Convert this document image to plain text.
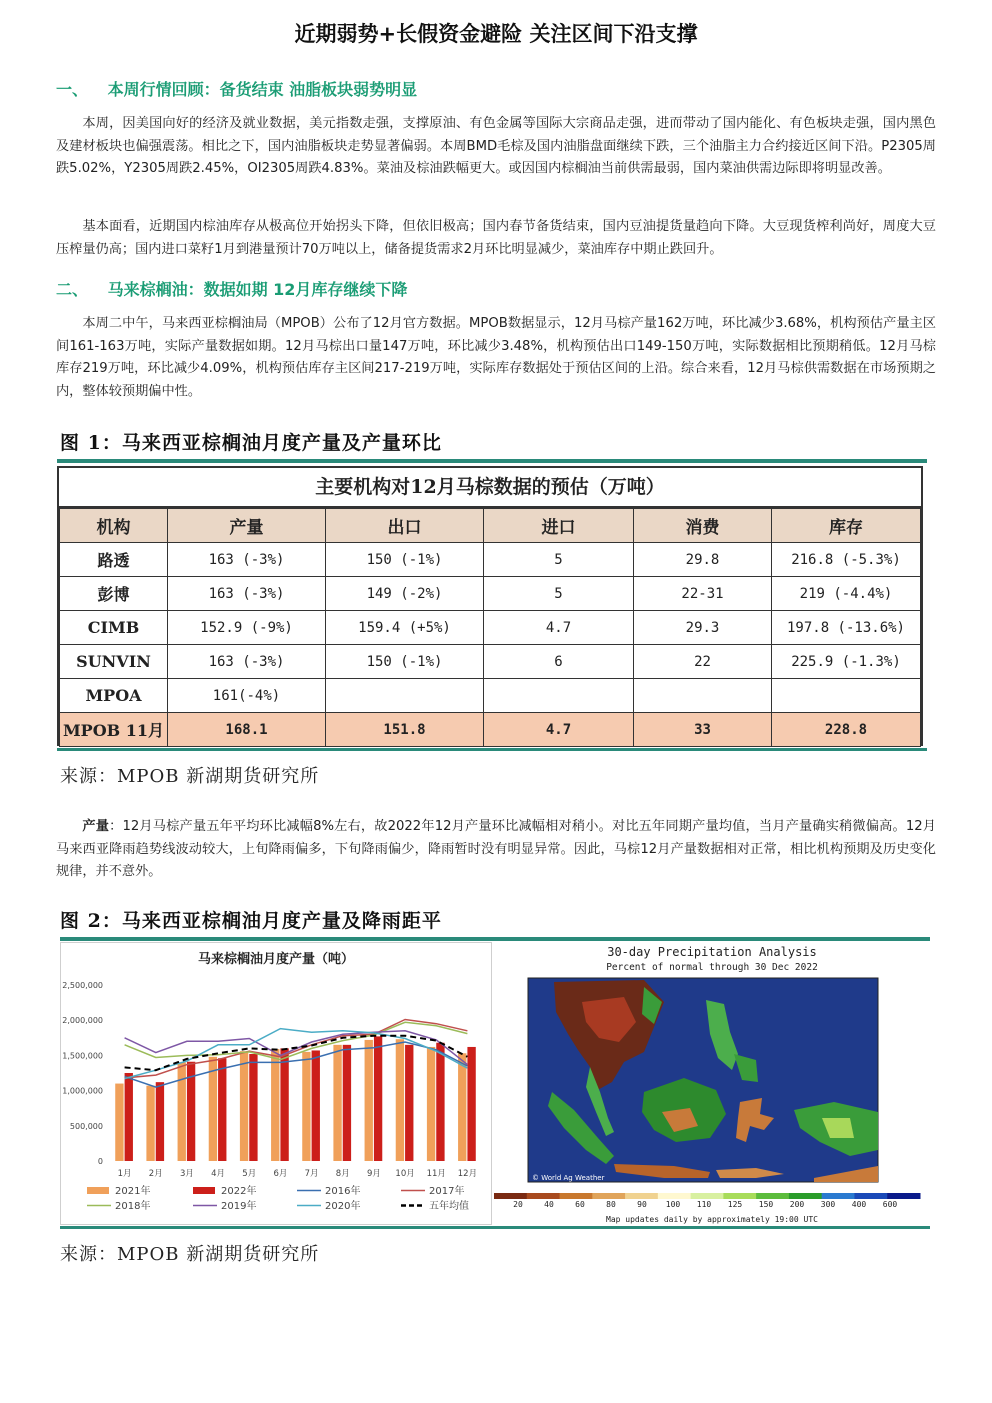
近期弱势+长假资金避险 关注区间下沿支撑
一、 本周行情回顾：备货结束 油脂板块弱势明显

本周，因美国向好的经济及就业数据，美元指数走强，支撑原油、有色金属等国际大宗商品走强，进而带动了国内能化、有色板块走强，国内黑色及建材板块也偏强震荡。相比之下，国内油脂板块走势显著偏弱。本周BMD毛棕及国内油脂盘面继续下跌，三个油脂主力合约接近区间下沿。P2305周跌5.02%，Y2305周跌2.45%，OI2305周跌4.83%。菜油及棕油跌幅更大。或因国内棕榈油当前供需最弱，国内菜油供需边际即将明显改善。

基本面看，近期国内棕油库存从极高位开始拐头下降，但依旧极高；国内春节备货结束，国内豆油提货量趋向下降。大豆现货榨利尚好，周度大豆压榨量仍高；国内进口菜籽1月到港量预计70万吨以上，储备提货需求2月环比明显减少，菜油库存中期止跌回升。

二、 马来棕榈油：数据如期 12月库存继续下降

本周二中午，马来西亚棕榈油局（MPOB）公布了12月官方数据。MPOB数据显示，12月马棕产量162万吨，环比减少3.68%，机构预估产量主区间161-163万吨，实际产量数据如期。12月马棕出口量147万吨，环比减少3.48%，机构预估出口149-150万吨，实际数据相比预期稍低。12月马棕库存219万吨，环比减少4.09%，机构预估库存主区间217-219万吨，实际库存数据处于预估区间的上沿。综合来看，12月马棕供需数据在市场预期之内，整体较预期偏中性。

图 1：马来西亚棕榈油月度产量及产量环比
主要机构对12月马棕数据的预估（万吨）
机构	产量	出口	进口	消费	库存
路透	163 (-3%)	150 (-1%)	5	29.8	216.8 (-5.3%)
彭博	163 (-3%)	149 (-2%)	5	22-31	219 (-4.4%)
CIMB	152.9 (-9%)	159.4 (+5%)	4.7	29.3	197.8 (-13.6%)
SUNVIN	163 (-3%)	150 (-1%)	6	22	225.9 (-1.3%)
MPOA	161(-4%)				
MPOB 11月	168.1	151.8	4.7	33	228.8
来源：MPOB 新湖期货研究所

产量：12月马棕产量五年平均环比减幅8%左右，故2022年12月产量环比减幅相对稍小。对比五年同期产量均值，当月产量确实稍微偏高。12月马来西亚降雨趋势线波动较大，上旬降雨偏多，下旬降雨偏少，降雨暂时没有明显异常。因此，马棕12月产量数据相对正常，相比机构预期及历史变化规律，并不意外。

图 2：马来西亚棕榈油月度产量及降雨距平
马来棕榈油月度产量（吨）
0
500,000
1,000,000
1,500,000
2,000,000
2,500,000
1月 2月 3月 4月 5月 6月 7月 8月 9月 10月 11月 12月
2021年	2022年	2016年	2017年
2018年	2019年	2020年	五年均值
30-day Precipitation Analysis
Percent of normal through 30 Dec 2022
© World Ag Weather
20	40	60	80	90 100 110 125 150 200 300 400 600
Map updates daily by approximately 19:00 UTC
来源：MPOB 新湖期货研究所
